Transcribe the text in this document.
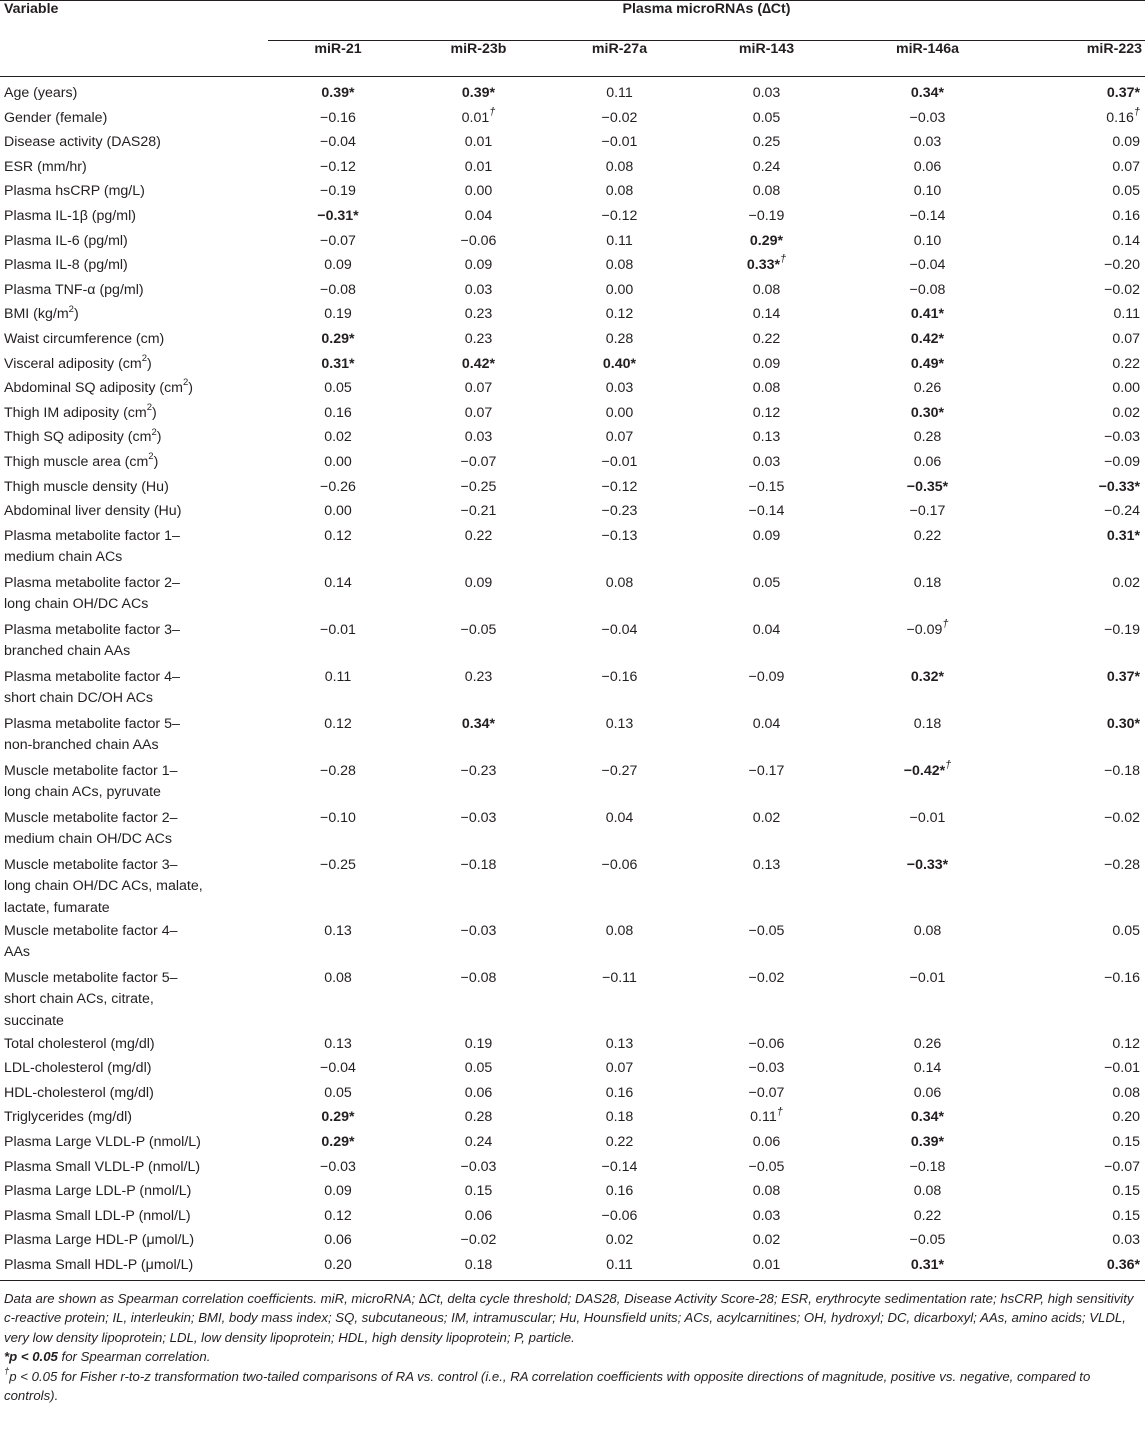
Variable	Plasma microRNAs (∆Ct)					

	miR-21	miR-23b	miR-27a	miR-143	miR-146a	miR-223

Age (years)	0.39*	0.39*	0.11	0.03	0.34*	0.37*

Gender (female)	−0.16	0.01†	−0.02	0.05	−0.03	0.16†

Disease activity (DAS28)	−0.04	0.01	−0.01	0.25	0.03	0.09

ESR (mm/hr)	−0.12	0.01	0.08	0.24	0.06	0.07

Plasma hsCRP (mg/L)	−0.19	0.00	0.08	0.08	0.10	0.05

Plasma IL-1β (pg/ml)	−0.31*	0.04	−0.12	−0.19	−0.14	0.16

Plasma IL-6 (pg/ml)	−0.07	−0.06	0.11	0.29*	0.10	0.14

Plasma IL-8 (pg/ml)	0.09	0.09	0.08	0.33*†	−0.04	−0.20

Plasma TNF-α (pg/ml)	−0.08	0.03	0.00	0.08	−0.08	−0.02
BMI $(kg/m^2)$	0.19	0.23	0.12	0.14	0.41*	0.11

Waist circumference (cm)	0.29*	0.23	0.28	0.22	0.42*	0.07
Visceral adiposity $(cm^2)$	0.31*	0.42*	0.40*	0.09	0.49*	0.22
Abdominal SQ adiposity $(cm^2)$	0.05	0.07	0.03	0.08	0.26	0.00
Thigh IM adiposity $(cm^2)$	0.16	0.07	0.00	0.12	0.30*	0.02
Thigh SQ adiposity $(cm^2)$	0.02	0.03	0.07	0.13	0.28	−0.03
Thigh muscle area $(cm^2)$	0.00	−0.07	−0.01	0.03	0.06	−0.09

Thigh muscle density (Hu)	−0.26	−0.25	−0.12	−0.15	−0.35*	−0.33*

Abdominal liver density (Hu)	0.00	−0.21	−0.23	−0.14	−0.17	−0.24

Plasma metabolite factor 1–
medium chain ACs	0.12	0.22	−0.13	0.09	0.22	0.31*

Plasma metabolite factor 2–
long chain OH/DC ACs	0.14	0.09	0.08	0.05	0.18	0.02

Plasma metabolite factor 3–
branched chain AAs	−0.01	−0.05	−0.04	0.04	−0.09†	−0.19

Plasma metabolite factor 4–
short chain DC/OH ACs	0.11	0.23	−0.16	−0.09	0.32*	0.37*

Plasma metabolite factor 5–
non-branched chain AAs	0.12	0.34*	0.13	0.04	0.18	0.30*

Muscle metabolite factor 1–
long chain ACs, pyruvate	−0.28	−0.23	−0.27	−0.17	−0.42*†	−0.18

Muscle metabolite factor 2–
medium chain OH/DC ACs	−0.10	−0.03	0.04	0.02	−0.01	−0.02

Muscle metabolite factor 3–
long chain OH/DC ACs, malate,
lactate, fumarate	−0.25	−0.18	−0.06	0.13	−0.33*	−0.28

Muscle metabolite factor 4–
AAs	0.13	−0.03	0.08	−0.05	0.08	0.05

Muscle metabolite factor 5–
short chain ACs, citrate,
succinate	0.08	−0.08	−0.11	−0.02	−0.01	−0.16

Total cholesterol (mg/dl)	0.13	0.19	0.13	−0.06	0.26	0.12

LDL-cholesterol (mg/dl)	−0.04	0.05	0.07	−0.03	0.14	−0.01

HDL-cholesterol (mg/dl)	0.05	0.06	0.16	−0.07	0.06	0.08

Triglycerides (mg/dl)	0.29*	0.28	0.18	0.11†	0.34*	0.20

Plasma Large VLDL-P (nmol/L)	0.29*	0.24	0.22	0.06	0.39*	0.15

Plasma Small VLDL-P (nmol/L)	−0.03	−0.03	−0.14	−0.05	−0.18	−0.07

Plasma Large LDL-P (nmol/L)	0.09	0.15	0.16	0.08	0.08	0.15

Plasma Small LDL-P (nmol/L)	0.12	0.06	−0.06	0.03	0.22	0.15

Plasma Large HDL-P (μmol/L)	0.06	−0.02	0.02	0.02	−0.05	0.03

Plasma Small HDL-P (μmol/L)	0.20	0.18	0.11	0.01	0.31*	0.36*

Data are shown as Spearman correlation coefficients. miR, microRNA; ∆Ct, delta cycle threshold; DAS28, Disease Activity Score-28; ESR, erythrocyte sedimentation rate; hsCRP, high sensitivity c-reactive protein; IL, interleukin; BMI, body mass index; SQ, subcutaneous; IM, intramuscular; Hu, Hounsfield units; ACs, acylcarnitines; OH, hydroxyl; DC, dicarboxyl; AAs, amino acids; VLDL, very low density lipoprotein; LDL, low density lipoprotein; HDL, high density lipoprotein; P, particle.

*p < 0.05 for Spearman correlation.

†p < 0.05 for Fisher r-to-z transformation two-tailed comparisons of RA vs. control (i.e., RA correlation coefficients with opposite directions of magnitude, positive vs. negative, compared to controls).
